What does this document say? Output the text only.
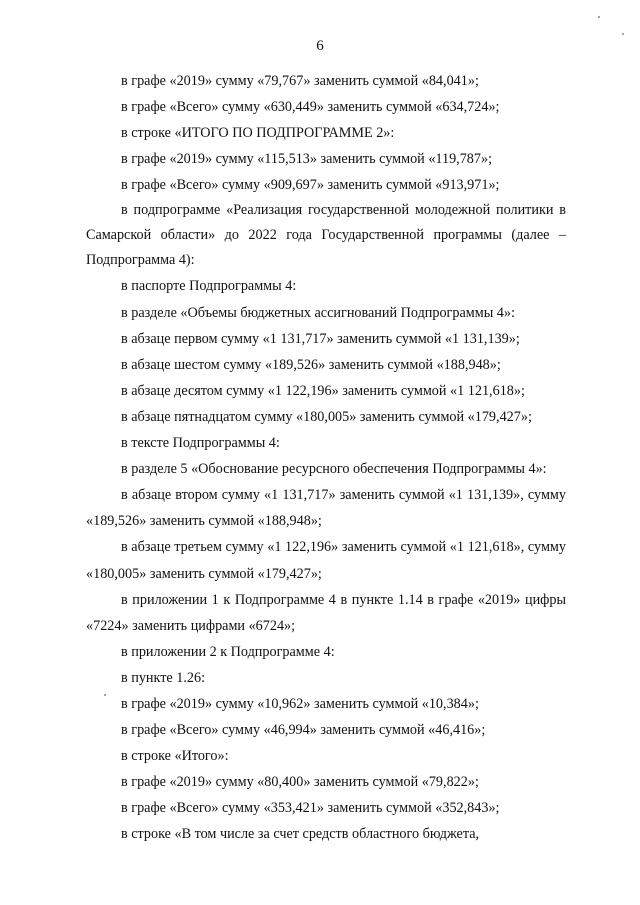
6

в графе «2019» сумму «79,767» заменить суммой «84,041»;

в графе «Всего» сумму «630,449» заменить суммой «634,724»;

в строке «ИТОГО ПО ПОДПРОГРАММЕ 2»:

в графе «2019» сумму «115,513» заменить суммой «119,787»;

в графе «Всего» сумму «909,697» заменить суммой «913,971»;

в подпрограмме «Реализация государственной молодежной политики в Самарской области» до 2022 года Государственной программы (далее – Подпрограмма 4):

в паспорте Подпрограммы 4:

в разделе «Объемы бюджетных ассигнований Подпрограммы 4»:

в абзаце первом сумму «1 131,717» заменить суммой «1 131,139»;

в абзаце шестом сумму «189,526» заменить суммой «188,948»;

в абзаце десятом сумму «1 122,196» заменить суммой «1 121,618»;

в абзаце пятнадцатом сумму «180,005» заменить суммой «179,427»;

в тексте Подпрограммы 4:

в разделе 5 «Обоснование ресурсного обеспечения Подпрограммы 4»:

в абзаце втором сумму «1 131,717» заменить суммой «1 131,139», сумму «189,526» заменить суммой «188,948»;

в абзаце третьем сумму «1 122,196» заменить суммой «1 121,618», сумму «180,005» заменить суммой «179,427»;

в приложении 1 к Подпрограмме 4 в пункте 1.14 в графе «2019» цифры «7224» заменить цифрами «6724»;

в приложении 2 к Подпрограмме 4:

в пункте 1.26:

в графе «2019» сумму «10,962» заменить суммой «10,384»;

в графе «Всего» сумму «46,994» заменить суммой «46,416»;

в строке «Итого»:

в графе «2019» сумму «80,400» заменить суммой «79,822»;

в графе «Всего» сумму «353,421» заменить суммой «352,843»;

в строке «В том числе за счет средств областного бюджета,
